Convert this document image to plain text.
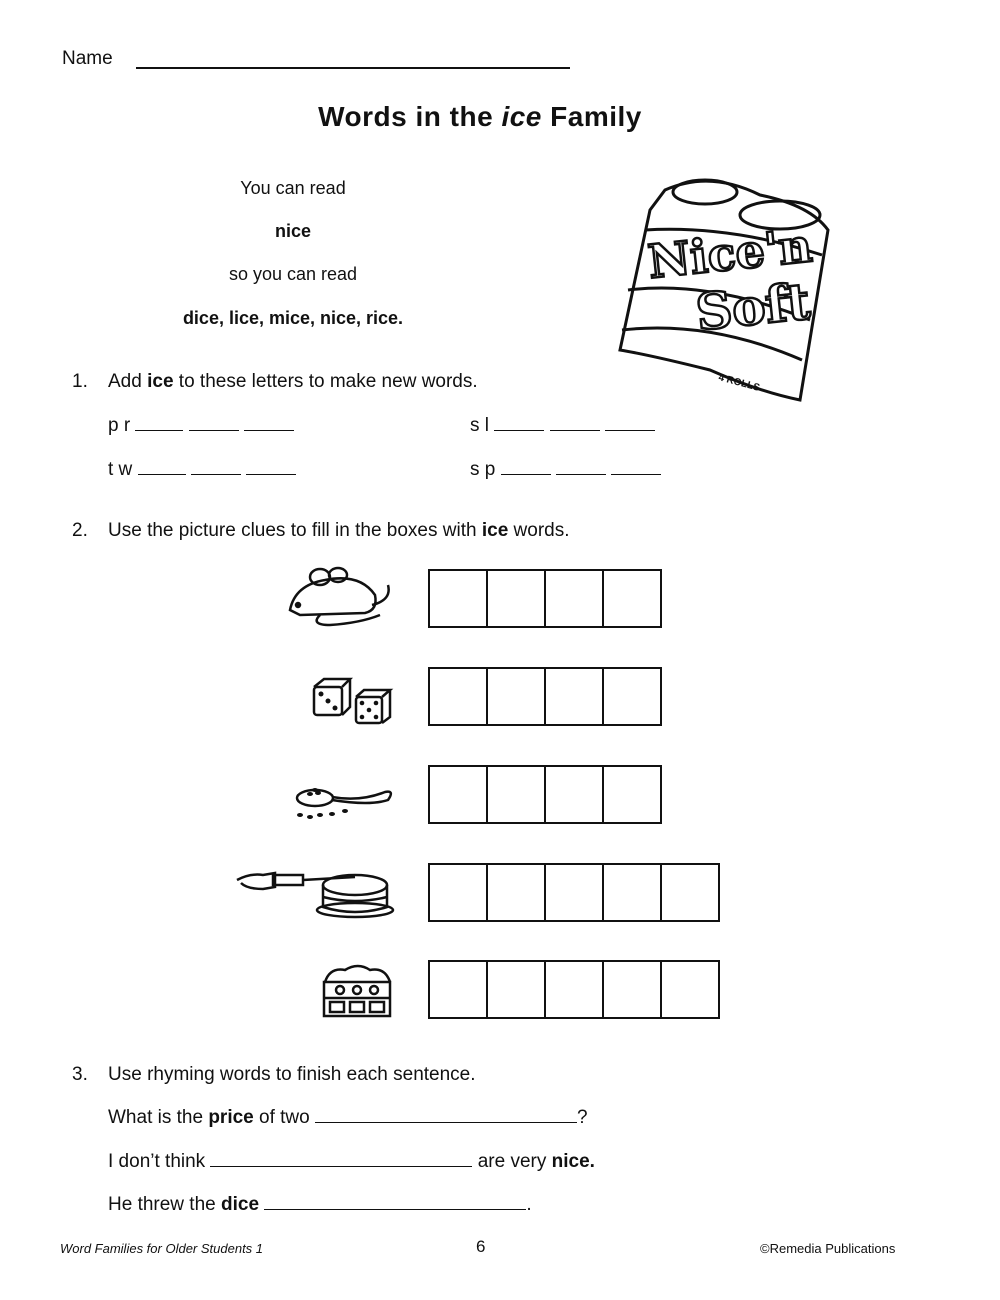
Name
Words in the ice Family
You can read
nice
so you can read
dice, lice, mice, nice, rice.
Nice'n
Soft
4 ROLLS
1. Add ice to these letters to make new words.
p r	s l
t w	s p
2. Use the picture clues to fill in the boxes with ice words.
3. Use rhyming words to finish each sentence.
What is the price of two	?
I don’t think	are very nice.
He threw the dice	.
Word Families for Older Students 1	6	©Remedia Publications
